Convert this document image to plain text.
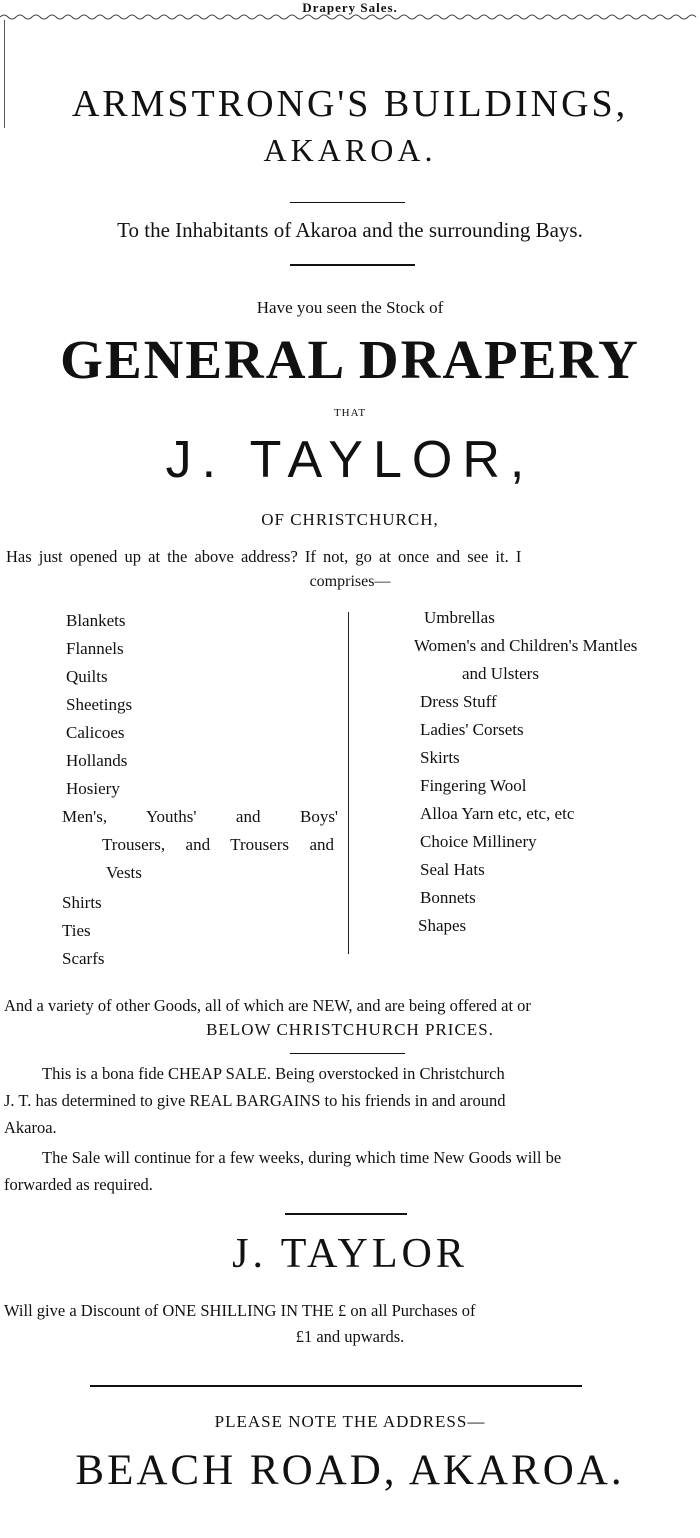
Drapery Sales.
ARMSTRONG'S BUILDINGS,
AKAROA.
To the Inhabitants of Akaroa and the surrounding Bays.
Have you seen the Stock of
GENERAL DRAPERY
THAT
J. TAYLOR,
OF CHRISTCHURCH,
Has just opened up at the above address? If not, go at once and see it. I
comprises—
Blankets
Flannels
Quilts
Sheetings
Calicoes
Hollands
Hosiery
Men's, Youths' and Boys'
Trousers, and Trousers and
Vests
Shirts
Ties
Scarfs
Umbrellas
Women's and Children's Mantles
and Ulsters
Dress Stuff
Ladies' Corsets
Skirts
Fingering Wool
Alloa Yarn etc, etc, etc
Choice Millinery
Seal Hats
Bonnets
Shapes
And a variety of other Goods, all of which are NEW, and are being offered at or
BELOW CHRISTCHURCH PRICES.
This is a bona fide CHEAP SALE. Being overstocked in Christchurch
J. T. has determined to give REAL BARGAINS to his friends in and around
Akaroa.
The Sale will continue for a few weeks, during which time New Goods will be
forwarded as required.
J. TAYLOR
Will give a Discount of ONE SHILLING IN THE £ on all Purchases of
£1 and upwards.
PLEASE NOTE THE ADDRESS—
BEACH ROAD, AKAROA.
